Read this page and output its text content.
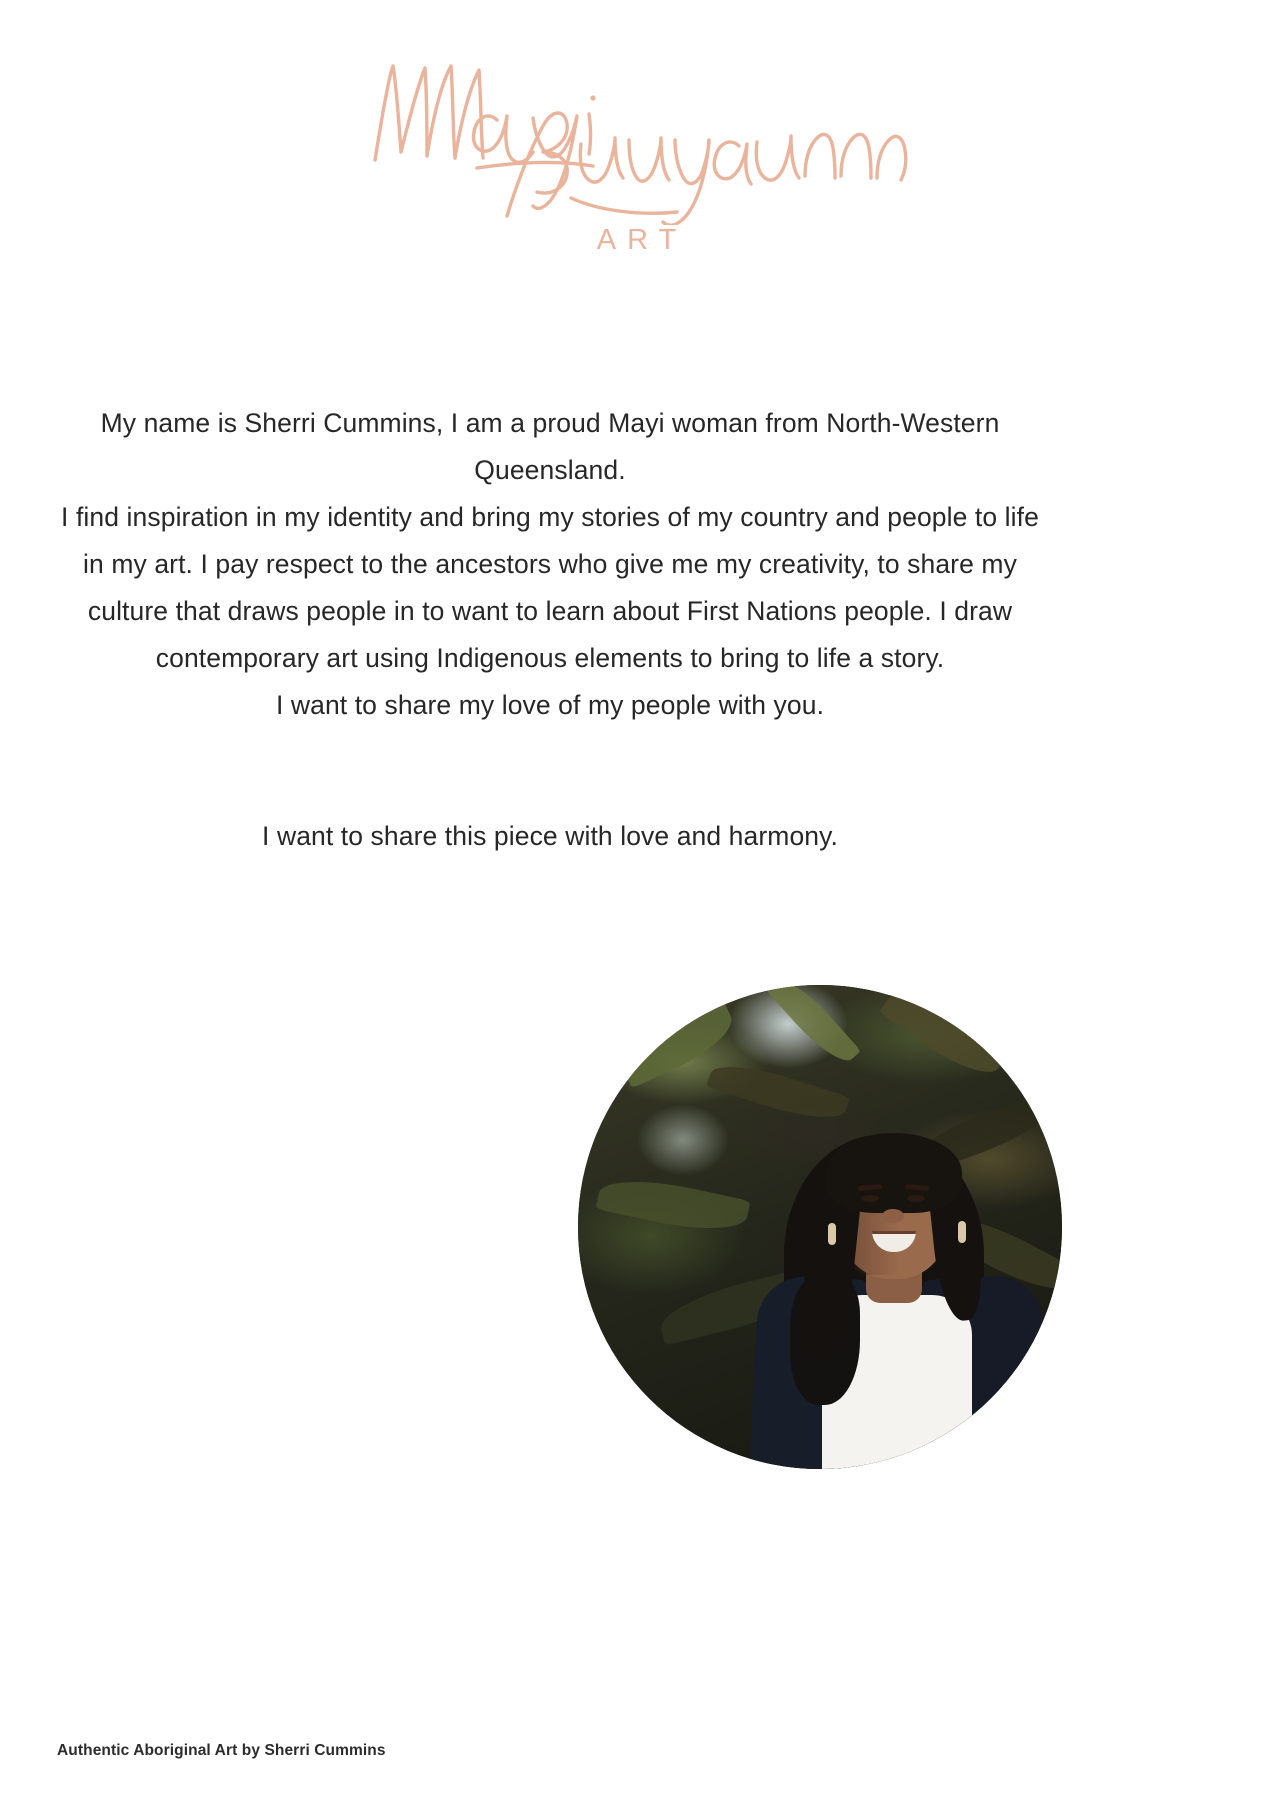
ART

My name is Sherri Cummins, I am a proud Mayi woman from North-Western Queensland.

I find inspiration in my identity and bring my stories of my country and people to life in my art. I pay respect to the ancestors who give me my creativity, to share my culture that draws people in to want to learn about First Nations people. I draw contemporary art using Indigenous elements to bring to life a story.

I want to share my love of my people with you.

I want to share this piece with love and harmony.

Authentic Aboriginal Art by Sherri Cummins
